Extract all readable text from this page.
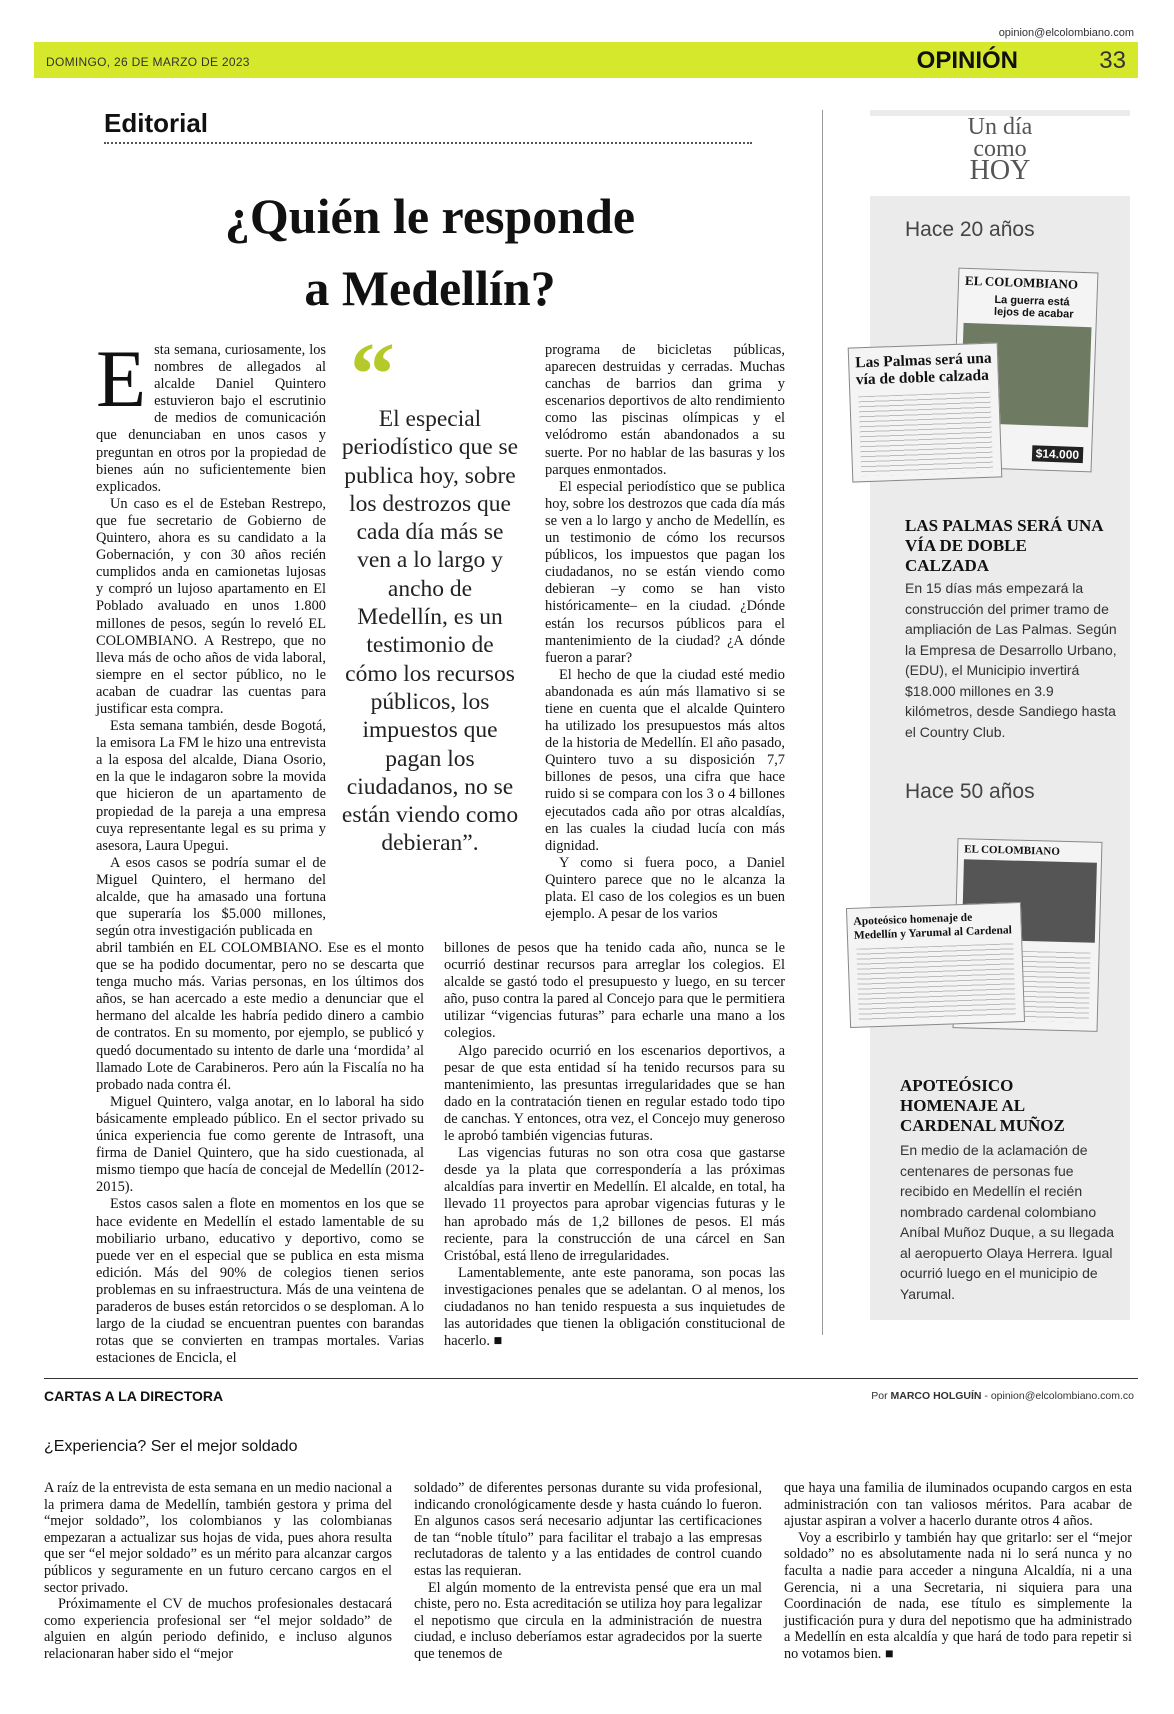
opinion@elcolombiano.com
DOMINGO, 26 DE MARZO DE 2023	OPINIÓN	33
Editorial
¿Quién le responde
a Medellín?

Esta semana, curiosamente, los nombres de allegados al alcalde Daniel Quintero estuvieron bajo el escrutinio de medios de comunicación que denunciaban en unos casos y preguntan en otros por la propiedad de bienes aún no suficientemente bien explicados.

Un caso es el de Esteban Restrepo, que fue secretario de Gobierno de Quintero, ahora es su candidato a la Gobernación, y con 30 años recién cumplidos anda en camionetas lujosas y compró un lujoso apartamento en El Poblado avaluado en unos 1.800 millones de pesos, según lo reveló EL COLOMBIANO. A Restrepo, que no lleva más de ocho años de vida laboral, siempre en el sector público, no le acaban de cuadrar las cuentas para justificar esta compra.

Esta semana también, desde Bogotá, la emisora La FM le hizo una entrevista a la esposa del alcalde, Diana Osorio, en la que le indagaron sobre la movida que hicieron de un apartamento de propiedad de la pareja a una empresa cuya representante legal es su prima y asesora, Laura Upegui.

A esos casos se podría sumar el de Miguel Quintero, el hermano del alcalde, que ha amasado una fortuna que superaría los $5.000 millones, según otra investigación publicada en

“
El especial periodístico que se publica hoy, sobre los destrozos que cada día más se ven a lo largo y ancho de Medellín, es un testimonio de cómo los recursos públicos, los impuestos que pagan los ciudadanos, no se están viendo como debieran”.

abril también en EL COLOMBIANO. Ese es el monto que se ha podido documentar, pero no se descarta que tenga mucho más. Varias personas, en los últimos dos años, se han acercado a este medio a denunciar que el hermano del alcalde les habría pedido dinero a cambio de contratos. En su momento, por ejemplo, se publicó y quedó documentado su intento de darle una ‘mordida’ al llamado Lote de Carabineros. Pero aún la Fiscalía no ha probado nada contra él.

Miguel Quintero, valga anotar, en lo laboral ha sido básicamente empleado público. En el sector privado su única experiencia fue como gerente de Intrasoft, una firma de Daniel Quintero, que ha sido cuestionada, al mismo tiempo que hacía de concejal de Medellín (2012-2015).

Estos casos salen a flote en momentos en los que se hace evidente en Medellín el estado lamentable de su mobiliario urbano, educativo y deportivo, como se puede ver en el especial que se publica en esta misma edición. Más del 90% de colegios tienen serios problemas en su infraestructura. Más de una veintena de paraderos de buses están retorcidos o se desploman. A lo largo de la ciudad se encuentran puentes con barandas rotas que se convierten en trampas mortales. Varias estaciones de Encicla, el

programa de bicicletas públicas, aparecen destruidas y cerradas. Muchas canchas de barrios dan grima y escenarios deportivos de alto rendimiento como las piscinas olímpicas y el velódromo están abandonados a su suerte. Por no hablar de las basuras y los parques enmontados.

El especial periodístico que se publica hoy, sobre los destrozos que cada día más se ven a lo largo y ancho de Medellín, es un testimonio de cómo los recursos públicos, los impuestos que pagan los ciudadanos, no se están viendo como debieran –y como se han visto históricamente– en la ciudad. ¿Dónde están los recursos públicos para el mantenimiento de la ciudad? ¿A dónde fueron a parar?

El hecho de que la ciudad esté medio abandonada es aún más llamativo si se tiene en cuenta que el alcalde Quintero ha utilizado los presupuestos más altos de la historia de Medellín. El año pasado, Quintero tuvo a su disposición 7,7 billones de pesos, una cifra que hace ruido si se compara con los 3 o 4 billones ejecutados cada año por otras alcaldías, en las cuales la ciudad lucía con más dignidad.

Y como si fuera poco, a Daniel Quintero parece que no le alcanza la plata. El caso de los colegios es un buen ejemplo. A pesar de los varios

billones de pesos que ha tenido cada año, nunca se le ocurrió destinar recursos para arreglar los colegios. El alcalde se gastó todo el presupuesto y luego, en su tercer año, puso contra la pared al Concejo para que le permitiera utilizar “vigencias futuras” para echarle una mano a los colegios.

Algo parecido ocurrió en los escenarios deportivos, a pesar de que esta entidad sí ha tenido recursos para su mantenimiento, las presuntas irregularidades que se han dado en la contratación tienen en regular estado todo tipo de canchas. Y entonces, otra vez, el Concejo muy generoso le aprobó también vigencias futuras.

Las vigencias futuras no son otra cosa que gastarse desde ya la plata que correspondería a las próximas alcaldías para invertir en Medellín. El alcalde, en total, ha llevado 11 proyectos para aprobar vigencias futuras y le han aprobado más de 1,2 billones de pesos. El más reciente, para la construcción de una cárcel en San Cristóbal, está lleno de irregularidades.

Lamentablemente, ante este panorama, son pocas las investigaciones penales que se adelantan. O al menos, los ciudadanos no han tenido respuesta a sus inquietudes de las autoridades que tienen la obligación constitucional de hacerlo. ■

Un día
como
HOY
Hace 20 años
EL COLOMBIANO
La guerra está lejos de acabar
$14.000
Las Palmas será una vía de doble calzada
LAS PALMAS SERÁ UNA VÍA DE DOBLE CALZADA
En 15 días más empezará la construcción del primer tramo de ampliación de Las Palmas. Según la Empresa de Desarrollo Urbano, (EDU), el Municipio invertirá $18.000 millones en 3.9 kilómetros, desde Sandiego hasta el Country Club.
Hace 50 años
EL COLOMBIANO
Apoteósico homenaje de Medellín y Yarumal al Cardenal
APOTEÓSICO HOMENAJE AL CARDENAL MUÑOZ
En medio de la aclamación de centenares de personas fue recibido en Medellín el recién nombrado cardenal colombiano Aníbal Muñoz Duque, a su llegada al aeropuerto Olaya Herrera. Igual ocurrió luego en el municipio de Yarumal.
CARTAS A LA DIRECTORA	Por MARCO HOLGUÍN - opinion@elcolombiano.com.co
¿Experiencia? Ser el mejor soldado

A raíz de la entrevista de esta semana en un medio nacional a la primera dama de Medellín, también gestora y prima del “mejor soldado”, los colombianos y las colombianas empezaran a actualizar sus hojas de vida, pues ahora resulta que ser “el mejor soldado” es un mérito para alcanzar cargos públicos y seguramente en un futuro cercano cargos en el sector privado.

Próximamente el CV de muchos profesionales destacará como experiencia profesional ser “el mejor soldado” de alguien en algún periodo definido, e incluso algunos relacionaran haber sido el “mejor

soldado” de diferentes personas durante su vida profesional, indicando cronológicamente desde y hasta cuándo lo fueron. En algunos casos será necesario adjuntar las certificaciones de tan “noble título” para facilitar el trabajo a las empresas reclutadoras de talento y a las entidades de control cuando estas las requieran.

El algún momento de la entrevista pensé que era un mal chiste, pero no. Esta acreditación se utiliza hoy para legalizar el nepotismo que circula en la administración de nuestra ciudad, e incluso deberíamos estar agradecidos por la suerte que tenemos de

que haya una familia de iluminados ocupando cargos en esta administración con tan valiosos méritos. Para acabar de ajustar aspiran a volver a hacerlo durante otros 4 años.

Voy a escribirlo y también hay que gritarlo: ser el “mejor soldado” no es absolutamente nada ni lo será nunca y no faculta a nadie para acceder a ninguna Alcaldía, ni a una Gerencia, ni a una Secretaria, ni siquiera para una Coordinación de nada, ese título es simplemente la justificación pura y dura del nepotismo que ha administrado a Medellín en esta alcaldía y que hará de todo para repetir si no votamos bien. ■
